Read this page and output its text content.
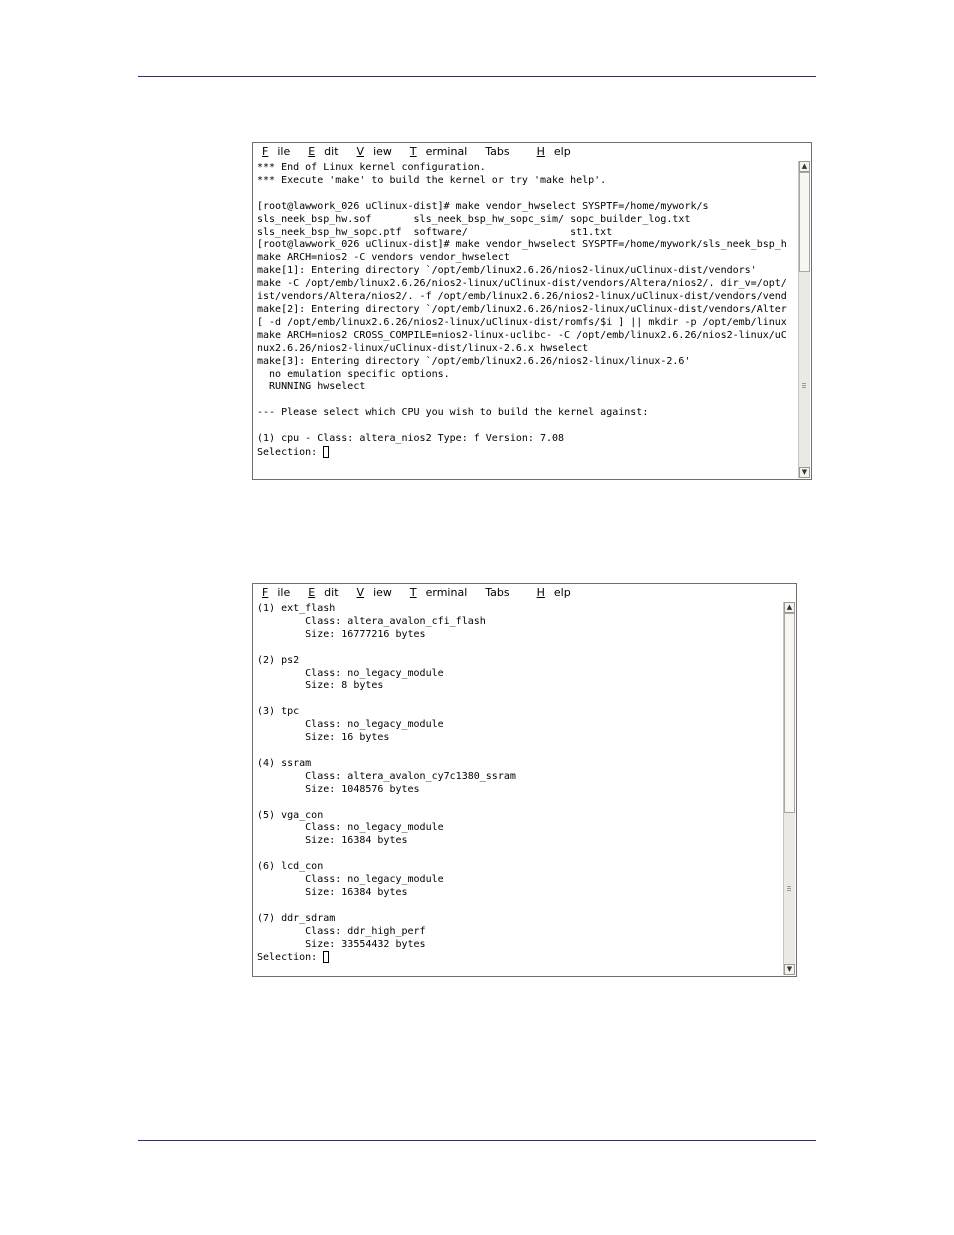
F ile	E dit	V iew	T erminal	Tabs	H elp
*** End of Linux kernel configuration.
*** Execute 'make' to build the kernel or try 'make help'.

[root@lawwork_026 uClinux-dist]# make vendor_hwselect SYSPTF=/home/mywork/s
sls_neek_bsp_hw.sof       sls_neek_bsp_hw_sopc_sim/ sopc_builder_log.txt
sls_neek_bsp_hw_sopc.ptf  software/                 st1.txt
[root@lawwork_026 uClinux-dist]# make vendor_hwselect SYSPTF=/home/mywork/sls_neek_bsp_h
make ARCH=nios2 -C vendors vendor_hwselect
make[1]: Entering directory `/opt/emb/linux2.6.26/nios2-linux/uClinux-dist/vendors'
make -C /opt/emb/linux2.6.26/nios2-linux/uClinux-dist/vendors/Altera/nios2/. dir_v=/opt/
ist/vendors/Altera/nios2/. -f /opt/emb/linux2.6.26/nios2-linux/uClinux-dist/vendors/vend
make[2]: Entering directory `/opt/emb/linux2.6.26/nios2-linux/uClinux-dist/vendors/Alter
[ -d /opt/emb/linux2.6.26/nios2-linux/uClinux-dist/romfs/$i ] || mkdir -p /opt/emb/linux
make ARCH=nios2 CROSS_COMPILE=nios2-linux-uclibc- -C /opt/emb/linux2.6.26/nios2-linux/uC
nux2.6.26/nios2-linux/uClinux-dist/linux-2.6.x hwselect
make[3]: Entering directory `/opt/emb/linux2.6.26/nios2-linux/linux-2.6'
no emulation specific options.
RUNNING hwselect

--- Please select which CPU you wish to build the kernel against:

(1) cpu - Class: altera_nios2 Type: f Version: 7.08
Selection:
▲
▼
F ile	E dit	V iew	T erminal	Tabs	H elp
(1) ext_flash
Class: altera_avalon_cfi_flash
Size: 16777216 bytes

(2) ps2
Class: no_legacy_module
Size: 8 bytes

(3) tpc
Class: no_legacy_module
Size: 16 bytes

(4) ssram
Class: altera_avalon_cy7c1380_ssram
Size: 1048576 bytes

(5) vga_con
Class: no_legacy_module
Size: 16384 bytes

(6) lcd_con
Class: no_legacy_module
Size: 16384 bytes

(7) ddr_sdram
Class: ddr_high_perf
Size: 33554432 bytes
Selection:
▲
▼
